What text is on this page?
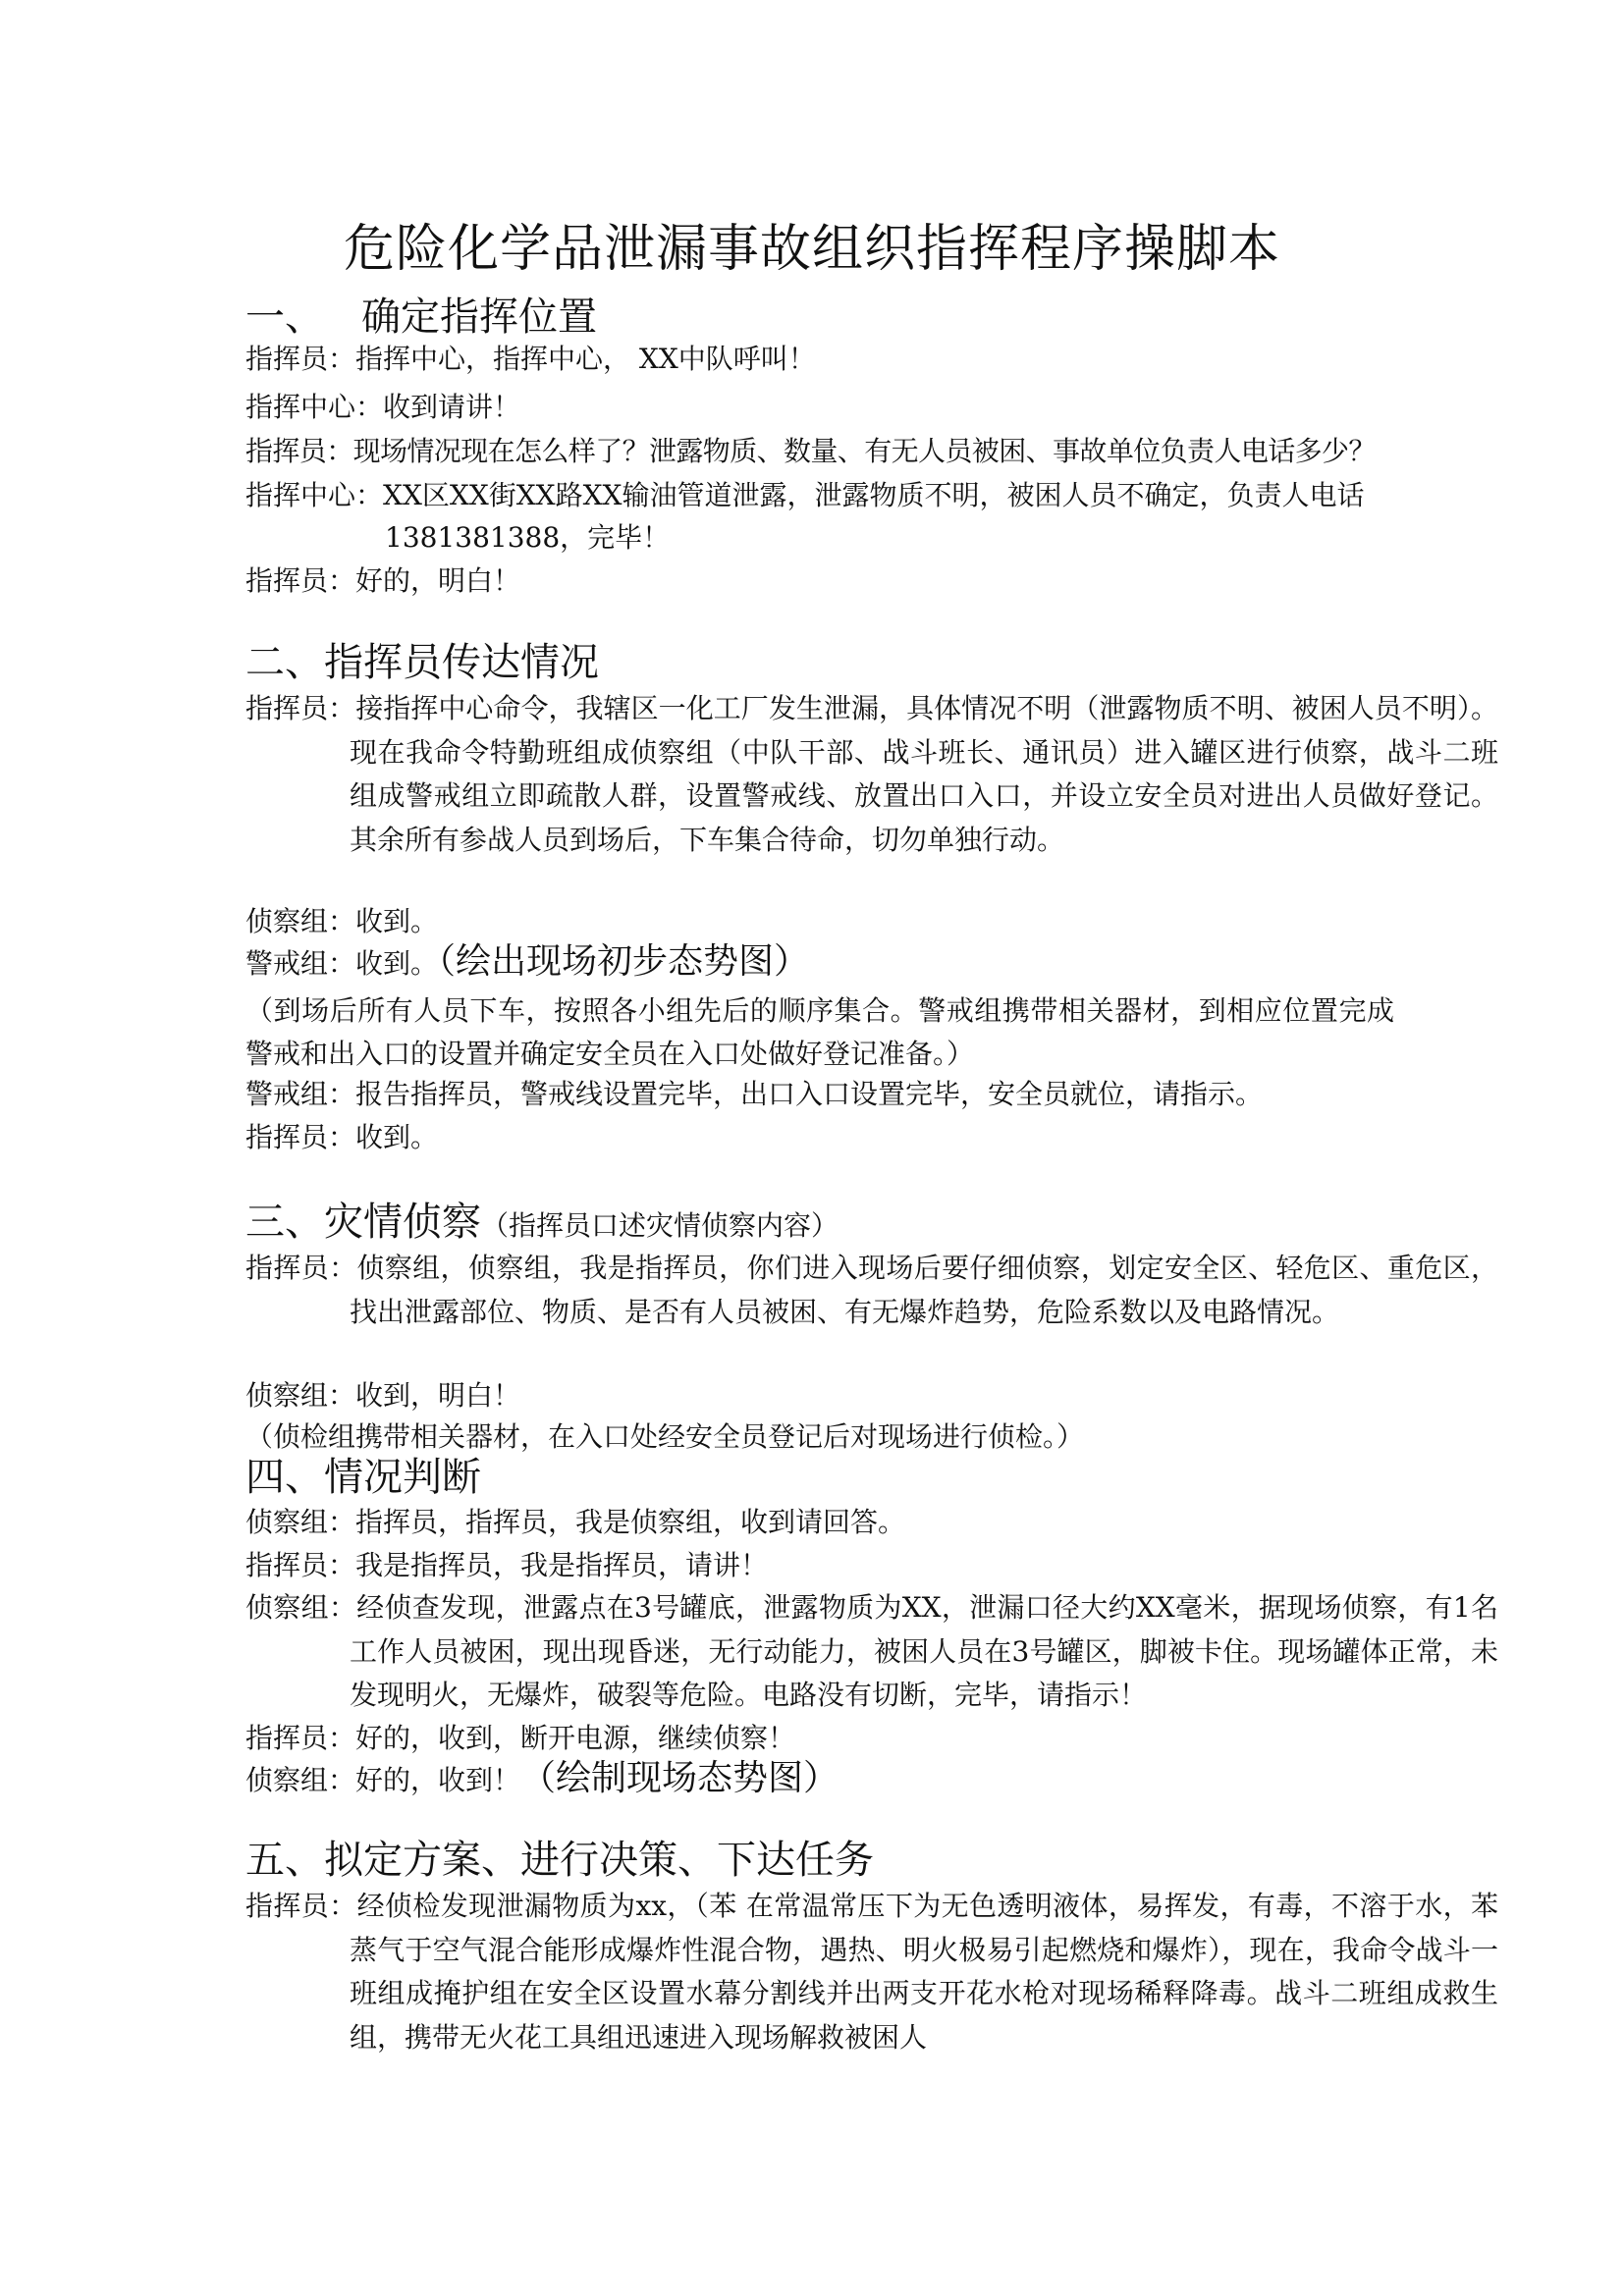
危险化学品泄漏事故组织指挥程序操脚本
一、 确定指挥位置
指挥员：指挥中心，指挥中心， XX中队呼叫！
指挥中心：收到请讲！
指挥员：现场情况现在怎么样了？泄露物质、数量、有无人员被困、事故单位负责人电话多少？
指挥中心：XX区XX街XX路XX输油管道泄露，泄露物质不明，被困人员不确定，负责人电话
1381381388，完毕！
指挥员：好的，明白！
二、指挥员传达情况
指挥员：接指挥中心命令，我辖区一化工厂发生泄漏，具体情况不明（泄露物质不明、被困人员不明）。现在我命令特勤班组成侦察组（中队干部、战斗班长、通讯员）进入罐区进行侦察，战斗二班组成警戒组立即疏散人群，设置警戒线、放置出口入口，并设立安全员对进出人员做好登记。其余所有参战人员到场后，下车集合待命，切勿单独行动。
侦察组：收到。
警戒组：收到。（绘出现场初步态势图）
（到场后所有人员下车，按照各小组先后的顺序集合。警戒组携带相关器材，到相应位置完成警戒和出入口的设置并确定安全员在入口处做好登记准备。）
警戒组：报告指挥员，警戒线设置完毕，出口入口设置完毕，安全员就位，请指示。
指挥员：收到。
三、灾情侦察（指挥员口述灾情侦察内容）
指挥员：侦察组，侦察组，我是指挥员，你们进入现场后要仔细侦察，划定安全区、轻危区、重危区，找出泄露部位、物质、是否有人员被困、有无爆炸趋势，危险系数以及电路情况。
侦察组：收到，明白！
（侦检组携带相关器材，在入口处经安全员登记后对现场进行侦检。）
四、情况判断
侦察组：指挥员，指挥员，我是侦察组，收到请回答。
指挥员：我是指挥员，我是指挥员，请讲！
侦察组：经侦查发现，泄露点在3号罐底，泄露物质为XX，泄漏口径大约XX毫米，据现场侦察，有1名工作人员被困，现出现昏迷，无行动能力，被困人员在3号罐区，脚被卡住。现场罐体正常，未发现明火，无爆炸，破裂等危险。电路没有切断，完毕，请指示！
指挥员：好的，收到，断开电源，继续侦察！
侦察组：好的，收到！（绘制现场态势图）
五、拟定方案、进行决策、下达任务
指挥员：经侦检发现泄漏物质为xx，（苯 在常温常压下为无色透明液体，易挥发，有毒，不溶于水，苯蒸气于空气混合能形成爆炸性混合物，遇热、明火极易引起燃烧和爆炸），现在，我命令战斗一班组成掩护组在安全区设置水幕分割线并出两支开花水枪对现场稀释降毒。战斗二班组成救生组，携带无火花工具组迅速进入现场解救被困人
